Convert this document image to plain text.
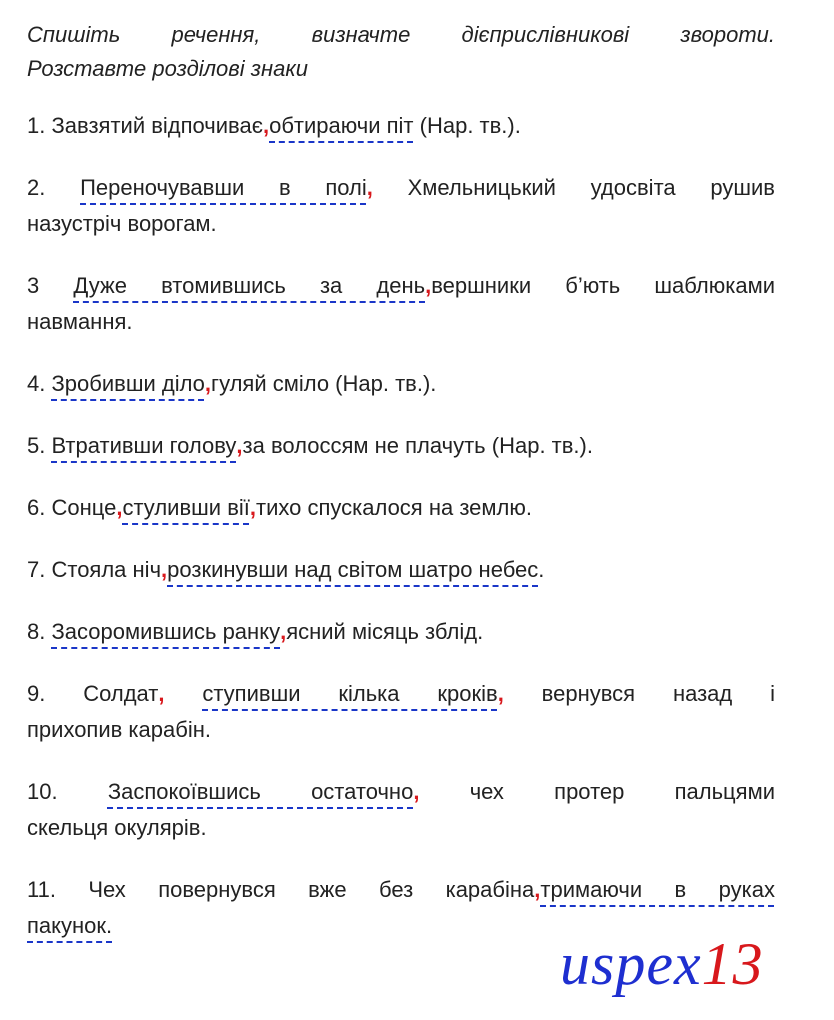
Спишіть речення, визначте дієприслівникові звороти.
Розставте розділові знаки

1. Завзятий відпочиває,обтираючи піт (Нар. тв.).

2. Переночувавши в полі, Хмельницький удосвіта рушив
назустріч ворогам.

3 Дуже втомившись за день,вершники б’ють шаблюками
навмання.

4. Зробивши діло,гуляй сміло (Нар. тв.).

5. Втративши голову,за волоссям не плачуть (Нар. тв.).

6. Сонце,стуливши вії,тихо спускалося на землю.

7. Стояла ніч,розкинувши над світом шатро небес.

8. Засоромившись ранку,ясний місяць зблід.

9. Солдат, ступивши кілька кроків, вернувся назад і
прихопив карабін.

10. Заспокоївшись остаточно, чех протер пальцями
скельця окулярів.

11. Чех повернувся вже без карабіна,тримаючи в руках
пакунок.

uspex13
